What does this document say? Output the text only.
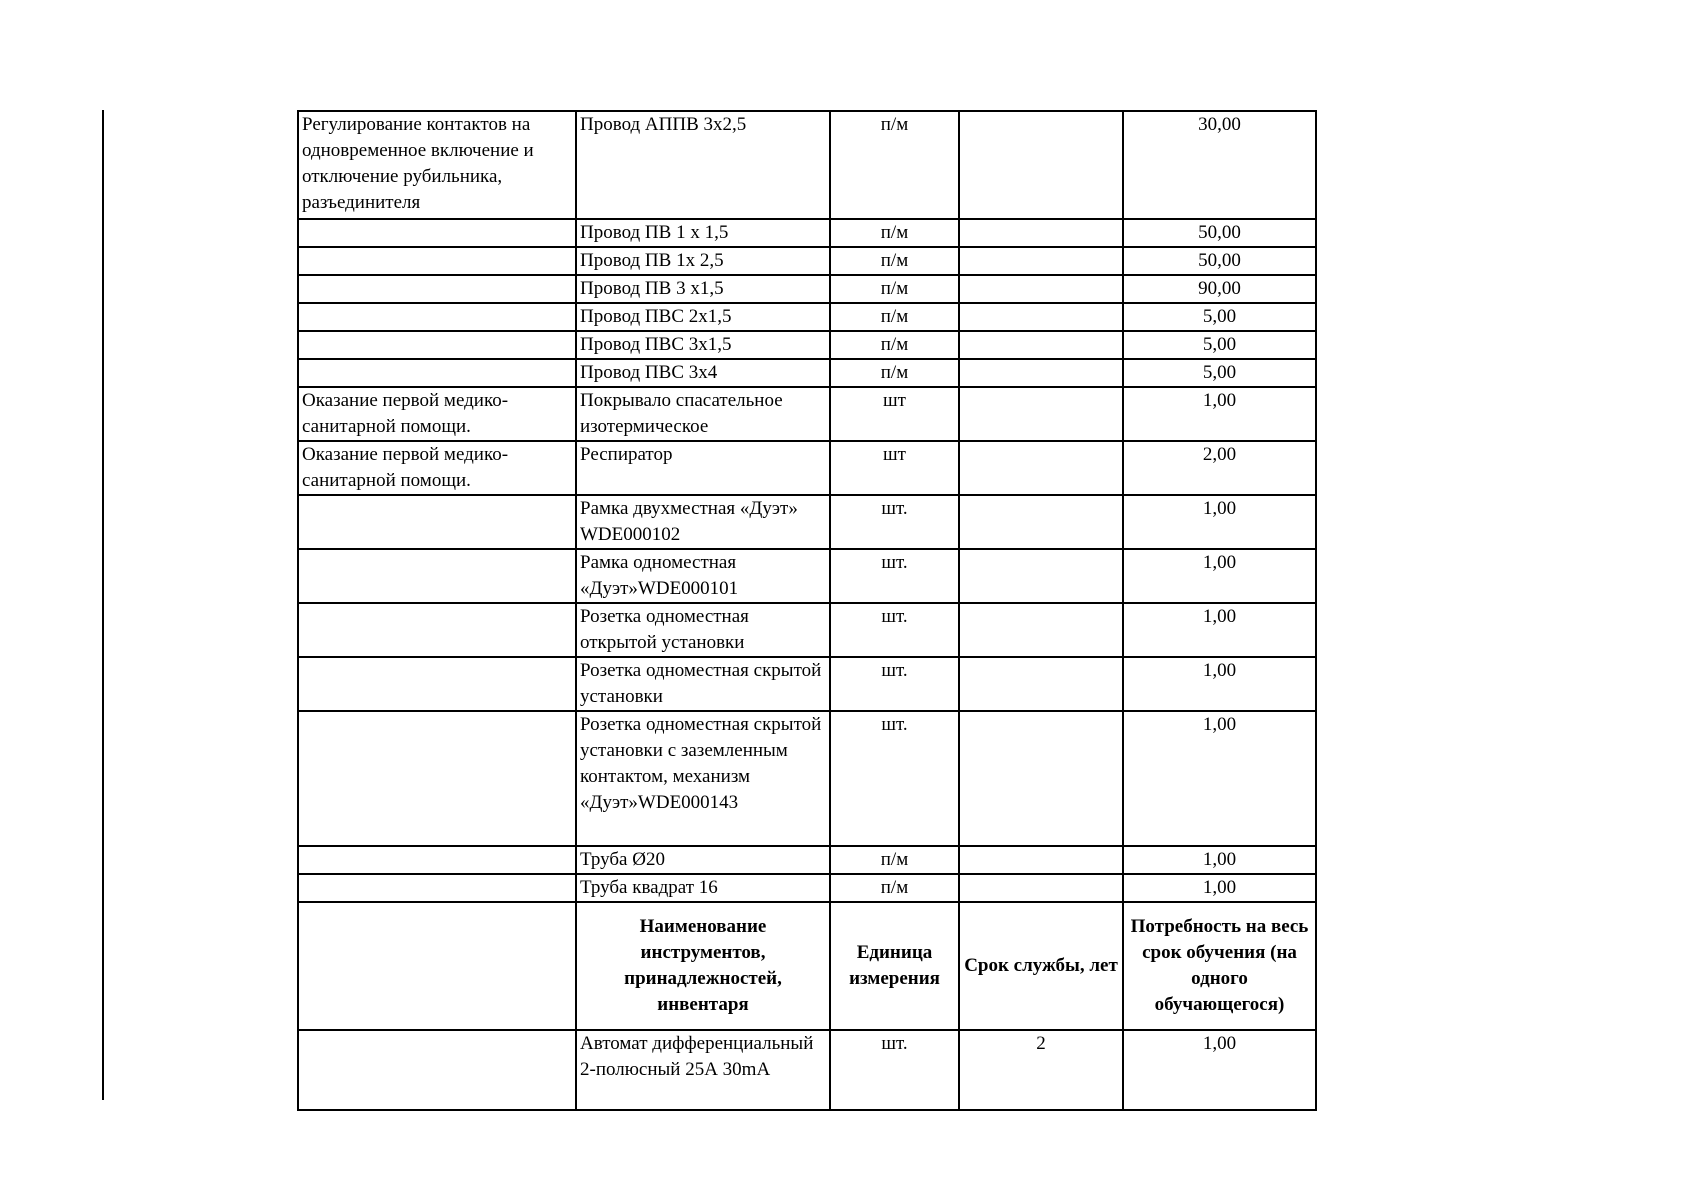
Регулирование контактов на одновременное включение и отключение рубильника, разъединителя	Провод АППВ 3х2,5	п/м		30,00
	Провод ПВ 1 х 1,5	п/м		50,00
	Провод ПВ 1х 2,5	п/м		50,00
	Провод ПВ 3 х1,5	п/м		90,00
	Провод ПВС 2х1,5	п/м		5,00
	Провод ПВС 3х1,5	п/м		5,00
	Провод ПВС 3х4	п/м		5,00
Оказание первой медико-санитарной помощи.	Покрывало спасательное изотермическое	шт		1,00
Оказание первой медико-санитарной помощи.	Респиратор	шт		2,00
	Рамка двухместная «Дуэт» WDE000102	шт.		1,00
	Рамка одноместная «Дуэт»WDE000101	шт.		1,00
	Розетка одноместная открытой установки	шт.		1,00
	Розетка одноместная скрытой установки	шт.		1,00
	Розетка одноместная скрытой установки с заземленным контактом, механизм «Дуэт»WDE000143	шт.		1,00
	Труба Ø20	п/м		1,00
	Труба квадрат 16	п/м		1,00
	Наименование инструментов, принадлежностей, инвентаря	Единица измерения	Срок службы, лет	Потребность на весь срок обучения (на одного обучающегося)
	Автомат дифференциальный 2-полюсный 25А 30mA	шт.	2	1,00
